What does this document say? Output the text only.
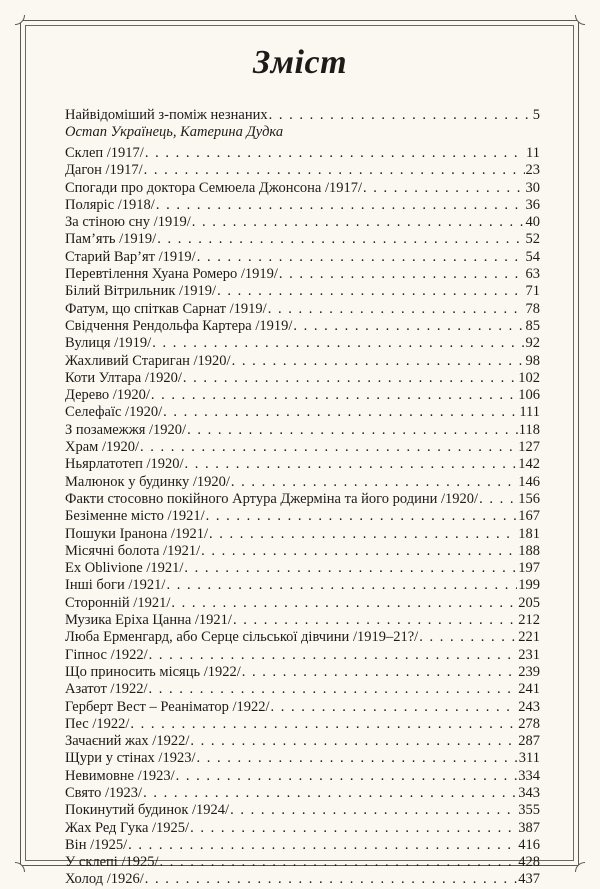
Зміст
Найвідоміший з-поміж незнаних . . .	5
Остап Українець, Катерина Дудка
Склеп /1917/ . . .	11
Дагон /1917/ . . .	23
Спогади про доктора Семюела Джонсона /1917/ . . .	30
Поляріс /1918/ . . .	36
За стіною сну /1919/ . . .	40
Пам’ять /1919/ . . .	52
Старий Вар’ят /1919/ . . .	54
Перевтілення Хуана Ромеро /1919/ . . .	63
Білий Вітрильник /1919/ . . .	71
Фатум, що спіткав Сарнат /1919/ . . .	78
Свідчення Рендольфа Картера /1919/ . . .	85
Вулиця /1919/ . . .	92
Жахливий Стариган /1920/ . . .	98
Коти Ултара /1920/ . . .	102
Дерево /1920/ . . .	106
Селефаїс /1920/ . . .	111
З позамежжя /1920/ . . .	118
Храм /1920/ . . .	127
Ньярлатотеп /1920/ . . .	142
Малюнок у будинку /1920/ . . .	146
Факти стосовно покійного Артура Джерміна та його родини /1920/ . . .	156
Безіменне місто /1921/ . . .	167
Пошуки Іранона /1921/ . . .	181
Місячні болота /1921/ . . .	188
Ex Oblivione /1921/ . . .	197
Інші боги /1921/ . . .	199
Сторонній /1921/ . . .	205
Музика Еріха Цанна /1921/ . . .	212
Люба Ерменгард, або Серце сільської дівчини /1919–21?/ . . .	221
Гіпнос /1922/ . . .	231
Що приносить місяць /1922/ . . .	239
Азатот /1922/ . . .	241
Герберт Вест – Реаніматор /1922/ . . .	243
Пес /1922/ . . .	278
Зачаєний жах /1922/ . . .	287
Щури у стінах /1923/ . . .	311
Невимовне /1923/ . . .	334
Свято /1923/ . . .	343
Покинутий будинок /1924/ . . .	355
Жах Ред Гука /1925/ . . .	387
Він /1925/ . . .	416
У склепі /1925/ . . .	428
Холод /1926/ . . .	437
